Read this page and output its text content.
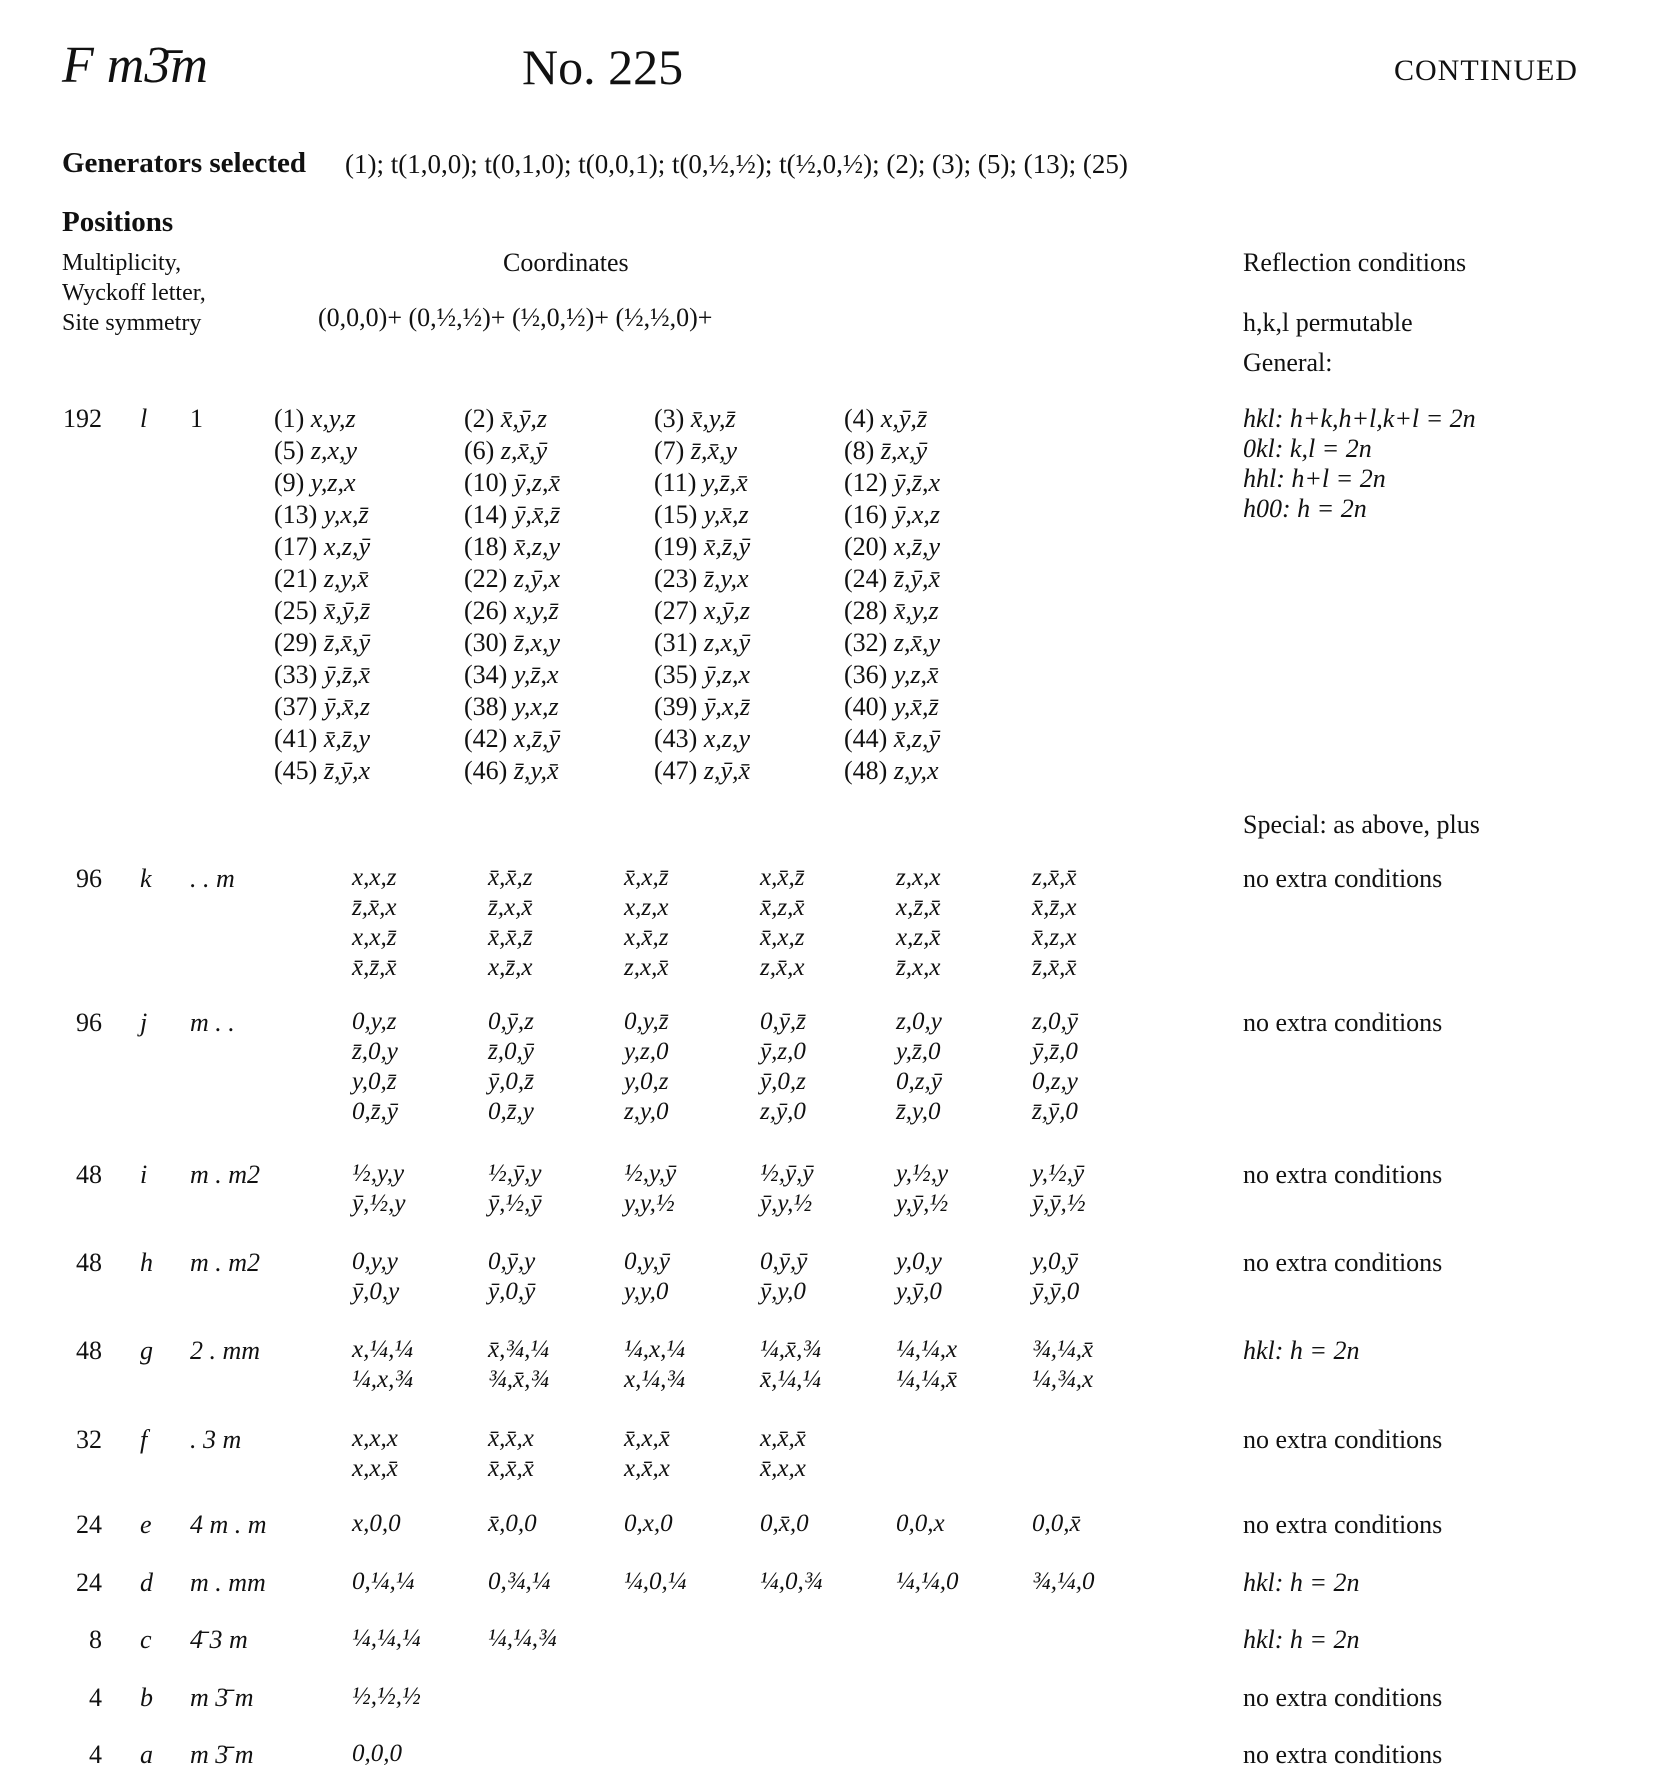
F m3̄m	No. 225	CONTINUED
Generators selected (1); t(1,0,0); t(0,1,0); t(0,0,1); t(0,½,½); t(½,0,½); (2); (3); (5); (13); (25)
Positions
Multiplicity,
Wyckoff letter,
Site symmetry
Coordinates	Reflection conditions
(0,0,0)+ (0,½,½)+ (½,0,½)+ (½,½,0)+	h,k,l permutable
General:
192 l 1	(1) x,y,z	(2) x̄,ȳ,z	(3) x̄,y,z̄	(4) x,ȳ,z̄
(5) z,x,y	(6) z,x̄,ȳ	(7) z̄,x̄,y	(8) z̄,x,ȳ
(9) y,z,x	(10) ȳ,z,x̄	(11) y,z̄,x̄	(12) ȳ,z̄,x
(13) y,x,z̄	(14) ȳ,x̄,z̄	(15) y,x̄,z	(16) ȳ,x,z
(17) x,z,ȳ	(18) x̄,z,y	(19) x̄,z̄,ȳ	(20) x,z̄,y
(21) z,y,x̄	(22) z,ȳ,x	(23) z̄,y,x	(24) z̄,ȳ,x̄
(25) x̄,ȳ,z̄	(26) x,y,z̄	(27) x,ȳ,z	(28) x̄,y,z
(29) z̄,x̄,ȳ	(30) z̄,x,y	(31) z,x,ȳ	(32) z,x̄,y
(33) ȳ,z̄,x̄	(34) y,z̄,x	(35) ȳ,z,x	(36) y,z,x̄
(37) ȳ,x̄,z	(38) y,x,z	(39) ȳ,x,z̄	(40) y,x̄,z̄
(41) x̄,z̄,y	(42) x,z̄,ȳ	(43) x,z,y	(44) x̄,z,ȳ
(45) z̄,ȳ,x	(46) z̄,y,x̄	(47) z,ȳ,x̄	(48) z,y,x
hkl: h+k,h+l,k+l = 2n
0kl: k,l = 2n
hhl: h+l = 2n
h00: h = 2n
Special: as above, plus
96 k . . m	x,x,z	x̄,x̄,z	x̄,x,z̄	x,x̄,z̄	z,x,x	z,x̄,x̄
z̄,x̄,x	z̄,x,x̄	x,z,x	x̄,z,x̄	x,z̄,x̄	x̄,z̄,x
x,x,z̄	x̄,x̄,z̄	x,x̄,z	x̄,x,z	x,z,x̄	x̄,z,x
x̄,z̄,x̄	x,z̄,x	z,x,x̄	z,x̄,x	z̄,x,x	z̄,x̄,x̄
no extra conditions
96 j m . .	0,y,z	0,ȳ,z	0,y,z̄	0,ȳ,z̄	z,0,y	z,0,ȳ
z̄,0,y	z̄,0,ȳ	y,z,0	ȳ,z,0	y,z̄,0	ȳ,z̄,0
y,0,z̄	ȳ,0,z̄	y,0,z	ȳ,0,z	0,z,ȳ	0,z,y
0,z̄,ȳ	0,z̄,y	z,y,0	z,ȳ,0	z̄,y,0	z̄,ȳ,0
no extra conditions
48 i m . m2	½,y,y	½,ȳ,y	½,y,ȳ	½,ȳ,ȳ	y,½,y	y,½,ȳ
ȳ,½,y	ȳ,½,ȳ	y,y,½	ȳ,y,½	y,ȳ,½	ȳ,ȳ,½
no extra conditions
48 h m . m2	0,y,y	0,ȳ,y	0,y,ȳ	0,ȳ,ȳ	y,0,y	y,0,ȳ
ȳ,0,y	ȳ,0,ȳ	y,y,0	ȳ,y,0	y,ȳ,0	ȳ,ȳ,0
no extra conditions
48 g 2 . mm	x,¼,¼	x̄,¾,¼	¼,x,¼	¼,x̄,¾	¼,¼,x	¾,¼,x̄
¼,x,¾	¾,x̄,¾	x,¼,¾	x̄,¼,¼	¼,¼,x̄	¼,¾,x
hkl: h = 2n
32 f . 3 m	x,x,x	x̄,x̄,x	x̄,x,x̄	x,x̄,x̄
x,x,x̄	x̄,x̄,x̄	x,x̄,x	x̄,x,x
no extra conditions
24 e 4 m . m	x,0,0	x̄,0,0	0,x,0	0,x̄,0	0,0,x	0,0,x̄	no extra conditions
24 d m . mm	0,¼,¼	0,¾,¼	¼,0,¼	¼,0,¾	¼,¼,0	¾,¼,0	hkl: h = 2n
8 c 4̄ 3 m	¼,¼,¼	¼,¼,¾	hkl: h = 2n
4 b m 3̄ m	½,½,½	no extra conditions
4 a m 3̄ m	0,0,0	no extra conditions
